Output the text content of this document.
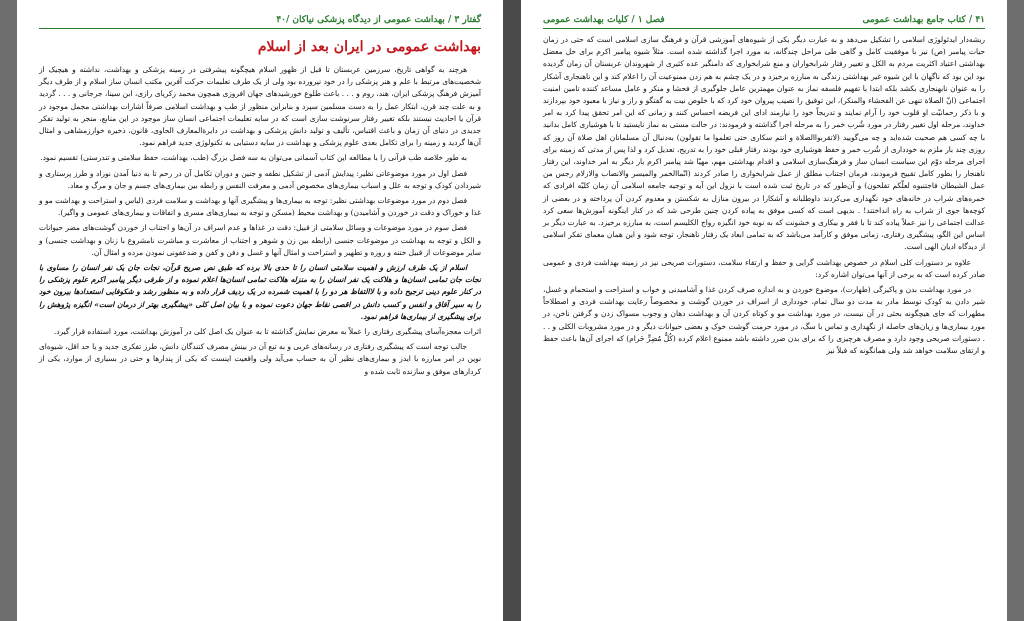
گفتار ۳ / بهداشت عمومی از دیدگاه پزشکی نیاکان /۴۰
بهداشت عمومی در ایران بعد از اسلام

هرچند به گواهی تاریخ، سرزمین عربستان تا قبل از ظهور اسلام هیچگونه پیشرفتی در زمینه پزشکی و بهداشت، نداشته و هیچیک از شخصیت‌های مرتبط با علم و هنر پزشکی را در خود نپرورده بود ولی از یک طرف تعلیمات حرکت آفرین مکتب انسان ساز اسلام و از طرف دیگر آمیزش فرهنگ پزشکی ایران، هند، روم و . . . باعث طلوع خورشیدهای جهان افروزی همچون محمد زکریای رازی، ابن سینا، جرجانی و . . . گردید و به علت چند قرن، ابتکار عمل را به دست مسلمین سپرد و بنابراین منظور از طب و بهداشت اسلامی صرفاً اشارات بهداشتی مجمل موجود در قرآن یا احادیث نیستند بلکه تغییر رفتار سرنوشت سازی است که در سایه تعلیمات اجتماعی انسان ساز موجود در این منابع، منجر به تولید تفکر جدیدی در دنیای آن زمان و باعث اقتباس، تألیف و تولید دانش پزشکی و بهداشت در دایرةالمعارف الحاوی، قانون، ذخیره خوارزمشاهی و امثال آن‌ها گردید و زمینه را برای تکامل بعدی علوم پزشکی و بهداشت در سایه دستیابی به تکنولوژی جدید فراهم نمود.

به طور خلاصه طب قرآنی را با مطالعه این کتاب آسمانی می‌توان به سه فصل بزرگ (طب، بهداشت، حفظ سلامتی و تندرستی) تقسیم نمود.

فصل اول در مورد موضوعاتی نظیر: پیدایش آدمی از تشکیل نطفه و جنین و دوران تکامل آن در رحم تا به دنیا آمدن نوزاد و طرز پرستاری و شیردادن کودک و توجه به علل و اسباب بیماری‌های مخصوص آدمی و معرفت النفس و رابطه بین بیماری‌های جسم و جان و مرگ و معاد.

فصل دوم در مورد موضوعات بهداشتی نظیر: توجه به بیماری‌ها و پیشگیری آنها و بهداشت و سلامت فردی (لباس و استراحت و بهداشت مو و غذا و خوراک و دقت در خوردن و آشامیدن) و بهداشت محیط (مسکن و توجه به بیماری‌های مسری و اتفاقات و بیماری‌های عمومی و واگیر).

فصل سوم در مورد موضوعات و وسائل سلامتی از قبیل: دقت در غذاها و عدم اسراف در آن‌ها و اجتناب از خوردن گوشت‌های مضر حیوانات و الکل و توجه به بهداشت در موضوعات جنسی (رابطه بین زن و شوهر و اجتناب از معاشرت و مباشرت نامشروع با زنان و بهداشت جنسی) و سایر موضوعات از قبیل ختنه و روزه و تطهیر و استراحت و امثال آنها و غسل و دفن و کفن و ضدعفونی نمودن مرده و امثال آن.

اسلام از یک طرف ارزش و اهمیت سلامتی انسان را تا حدی بالا برده که طبق نص صریح قرآن، نجات جان یک نفر انسان را مساوی با نجات جان تمامی انسان‌ها و هلاکت یک نفر انسان را به منزله هلاکت تمامی انسان‌ها اعلام نموده و از طرفی دیگر پیامبر اکرم علوم پزشکی را در کنار علوم دینی ترجیح داده و با لاالتفاظ هر دو را با اهمیت شمرده در یک ردیف قرار داده و به منظور رشد و شکوفایی استعدادها بیرون خود را به سیر آفاق و انفس و کسب دانش در اقصی نقاط جهان دعوت نموده و با بیان اصل کلی «پیشگیری بهتر از درمان است» انگیزه پژوهش را برای پیشگیری از بیماری‌ها فراهم نمود.

اثرات معجزه‌آسای پیشگیری رفتاری را عملاً به معرض نمایش گذاشته تا به عنوان یک اصل کلی در آموزش بهداشت، مورد استفاده قرار گیرد.

جالب توجه است که پیشگیری رفتاری در رسانه‌های غربی و به تبع آن در بینش مصرف کنندگان دانش، طرز تفکری جدید و یا حد اقل، شیوه‌ای نوین در امر مبارزه با ایدز و بیماری‌های نظیر آن به حساب می‌آید ولی واقعیت اینست که یکی از پندارها و حتی در بسیاری از موارد، یکی از کردارهای موفق و سازنده ثابت شده و

۴۱ / کتاب جامع بهداشت عمومی
فصل ۱ / کلیات بهداشت عمومی

ریشه‌دار ایدئولوژی اسلامی را تشکیل می‌دهد و به عبارت دیگر یکی از شیوه‌های آموزشی قرآن و فرهنگ سازی اسلامی است که حتی در زمان حیات پیامبر (ص) نیز با موفقیت کامل و گاهی طی مراحل چندگانه، به مورد اجرا گذاشته شده است. مثلاً شیوه پیامبر اکرم برای حل معضل بهداشتی اعتیاد اکثریت مردم به الکل و تغییر رفتار شرابخواران و منع شرابخواری که دامنگیر عده کثیری از شهروندان عربستان آن زمان گردیده بود این بود که ناگهان با این شیوه غیر بهداشتی زندگی به مبارزه برخیزد و در یک چشم به هم زدن ممنوعیت آن را اعلام کند و این ناهنجاری آشکار را به عنوان نابهنجاری بکشد بلکه ابتدا با تفهیم فلسفه نماز به عنوان مهمترین عامل جلوگیری از فحشا و منکر و عامل مساعد کننده تامین امنیت اجتماعی (انّ الصلاة تنهی عن الفحشاء والمنکر)، این توفیق را نصیب پیروان خود کرد که با خلوص نیت به گفتگو و راز و نیاز با معبود خود بپردازند و با ذکر رحمانیّت او قلوب خود را آرام نمایند و تدریجاً خود را نیازمند ادای این فریضه احساس کنند و زمانی که این امر تحقق پیدا کرد به امر خداوند، مرحله اول تغییر رفتار در مورد شُرب خمر را به مرحله اجرا گذاشته و فرمودند: در حالت مستی به نماز نایستید تا با هوشیاری کامل بدانید با چه کسی هم صحبت شده‌اید و چه می‌گویید (لاتقربواالصلاة و انتم سکاری حتی تعلموا ما تقولون) به‌دنبال آن مسلمانان اهل صلاة آن روز که روزی چند بار ملزم به خودداری از شُرب خمر و حفظ هوشیاری خود بودند رفتار قبلی خود را به تدریج، تعدیل کرد و لذا پس از مدتی که زمینه برای اجرای مرحله دوّم این سیاست انسان ساز و فرهنگ‌سازی اسلامی و اقدام بهداشتی مهم، مهیّا شد پیامبر اکرم بار دیگر به امر خداوند، این رفتار ناهنجار را بطور کامل تقبیح فرمودند، فرمان اجتناب مطلق از عمل شرابخواری را صادر کردند (انّماالخمر والمیسر والانصاب والازلام رجس من عمل الشیطان فاجتنبوه لعلّکم تفلحون) و آن‌طور که در تاریخ ثبت شده است با نزول این آیه و توجیه جامعه اسلامی آن زمان کلیّه افرادی که خمره‌های شراب در خانه‌های خود نگهداری می‌کردند داوطلبانه و آشکارا در بیرون منازل به شکستن و معدوم کردن آن پرداخته و در بعضی از کوچه‌ها جوی از شراب به راه انداختند! . بدیهی است که کسی موفق به پیاده کردن چنین طرحی شد که در کنار اینگونه آموزش‌ها سعی کرد عدالت اجتماعی را نیز عملاً پیاده کند تا با فقر و بیکاری و خشونت که به نوبه خود انگیزه رواج الکلیسم است، به مبارزه برخیزد. به عبارت دیگر بر اساس این الگو، پیشگیری رفتاری، زمانی موفق و کارآمد می‌باشد که به تمامی ابعاد یک رفتار ناهنجار، توجه شود و این همان معمای تفکر اسلامی از دیدگاه ادیان الهی است.

علاوه بر دستورات کلی اسلام در خصوص بهداشت گرایی و حفظ و ارتقاء سلامت، دستورات صریحی نیز در زمینه بهداشت فردی و عمومی صادر کرده است که به برخی از آنها می‌توان اشاره کرد:

در مورد بهداشت بدن و پاکیزگی (طهارت)، موضوع خوردن و به اندازه صرف کردن غذا و آشامیدنی و خواب و استراحت و استحمام و غسل، شیر دادن به کودک توسط مادر به مدت دو سال تمام، خودداری از اسراف در خوردن گوشت و مخصوصاً رعایت بهداشت فردی و اصطلاحاً مطهرات که جای هیچگونه بحثی در آن نیست، در مورد بهداشت مو و کوتاه کردن آن و بهداشت دهان و وجوب مسواک زدن و گرفتن ناخن، در مورد بیماری‌ها و زیان‌های حاصله از نگهداری و تماس با سگ، در مورد حرمت گوشت خوک و بعضی حیوانات دیگر و در مورد مشروبات الکلی و . . . دستورات صریحی وجود دارد و مصرف هرچیزی را که برای بدن ضرر داشته باشد ممنوع اعلام کرده (کُلُّ مُضِرٍّ حَرام) که اجرای آن‌ها باعث حفظ و ارتقای سلامت خواهد شد ولی همانگونه که قبلاً نیز
